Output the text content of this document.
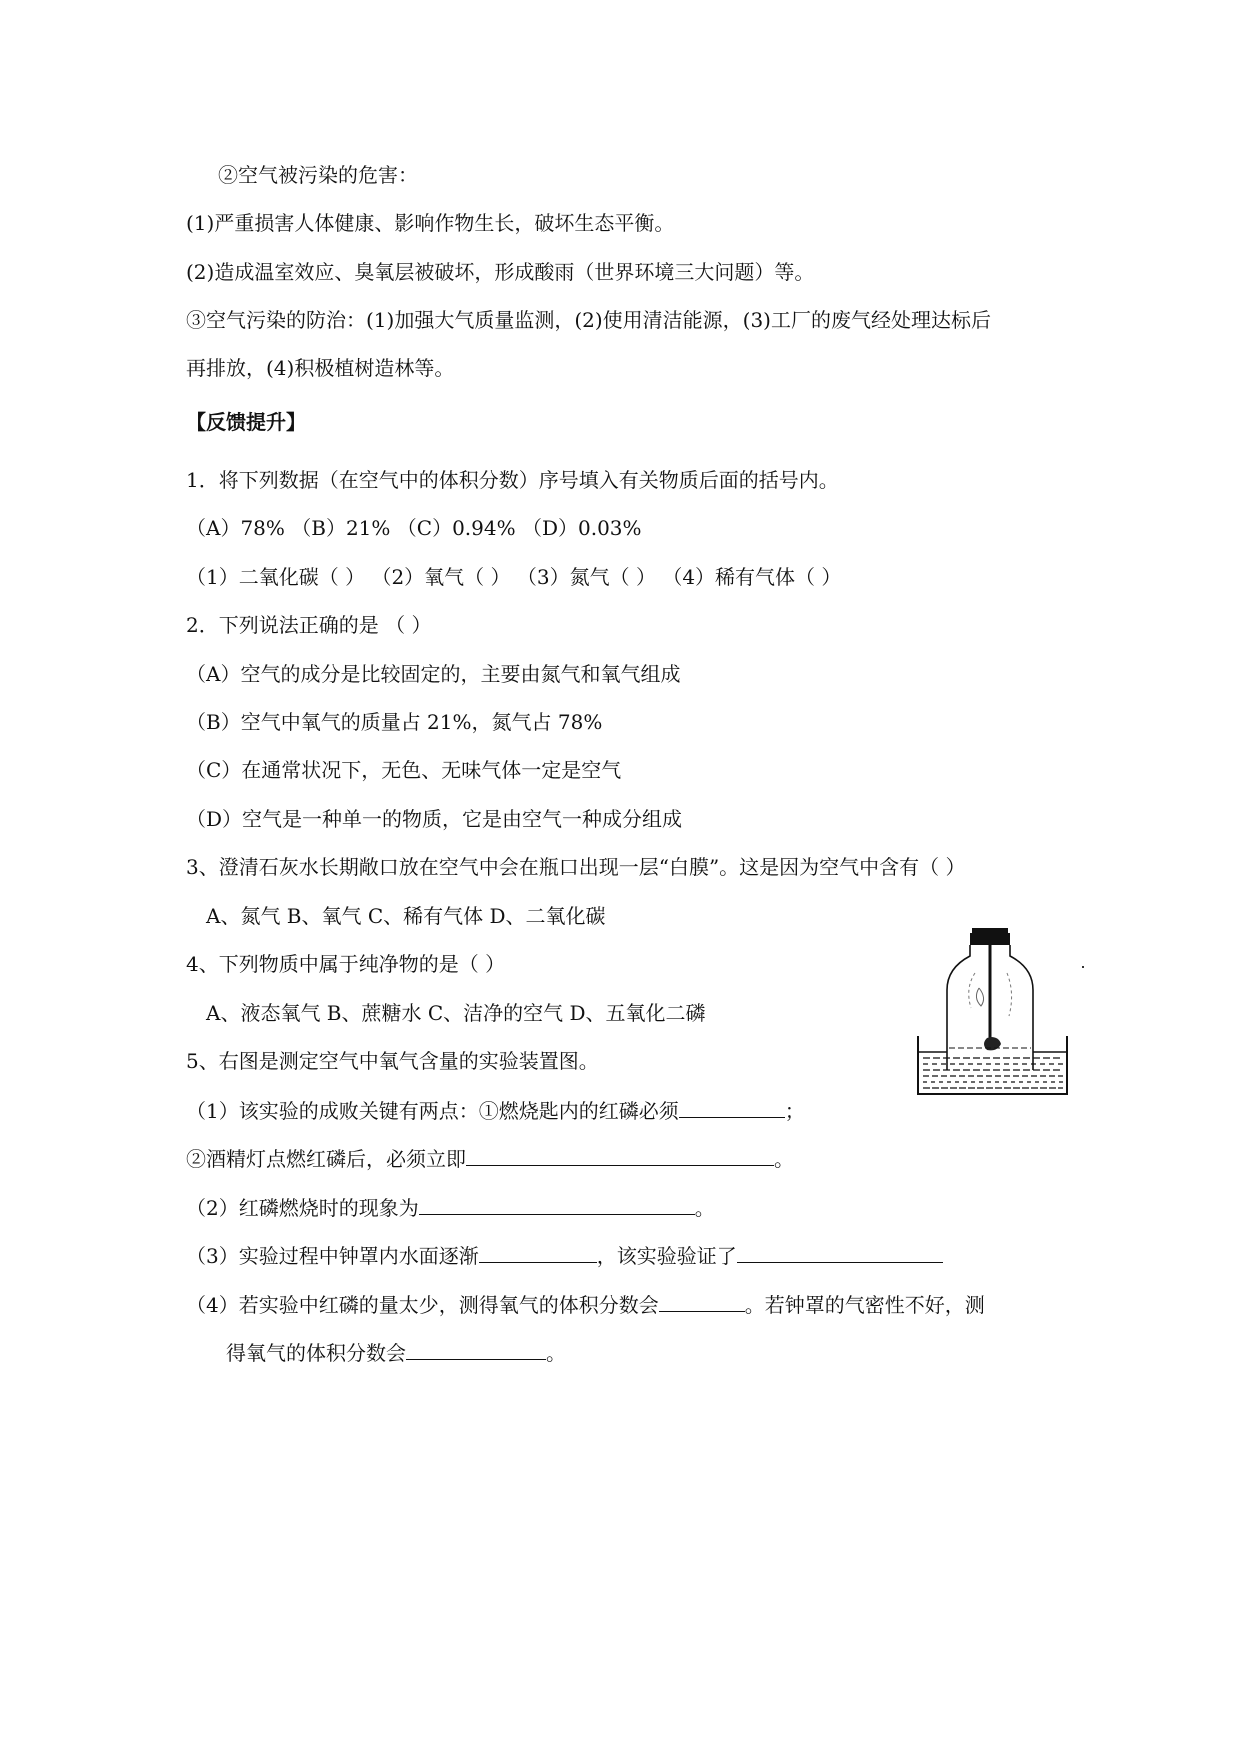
②空气被污染的危害：
(1)严重损害人体健康、影响作物生长，破坏生态平衡。
(2)造成温室效应、臭氧层被破坏，形成酸雨（世界环境三大问题）等。
③空气污染的防治：(1)加强大气质量监测，(2)使用清洁能源，(3)工厂的废气经处理达标后
再排放，(4)积极植树造林等。
【反馈提升】
1．将下列数据（在空气中的体积分数）序号填入有关物质后面的括号内。
（A）78% （B）21% （C）0.94% （D）0.03%
（1）二氧化碳（ ） （2）氧气（ ） （3）氮气（ ） （4）稀有气体（ ）
2．下列说法正确的是 （ ）
（A）空气的成分是比较固定的，主要由氮气和氧气组成
（B）空气中氧气的质量占 21%，氮气占 78%
（C）在通常状况下，无色、无味气体一定是空气
（D）空气是一种单一的物质，它是由空气一种成分组成
3、澄清石灰水长期敞口放在空气中会在瓶口出现一层“白膜”。这是因为空气中含有（ ）
A、氮气 B、氧气 C、稀有气体 D、二氧化碳
4、下列物质中属于纯净物的是（ ）
A、液态氧气 B、蔗糖水 C、洁净的空气 D、五氧化二磷
5、右图是测定空气中氧气含量的实验装置图。
（1）该实验的成败关键有两点：①燃烧匙内的红磷必须	；
②酒精灯点燃红磷后，必须立即	。
（2）红磷燃烧时的现象为	。
（3）实验过程中钟罩内水面逐渐	，该实验验证了
（4）若实验中红磷的量太少，测得氧气的体积分数会	。若钟罩的气密性不好，测
得氧气的体积分数会	。
